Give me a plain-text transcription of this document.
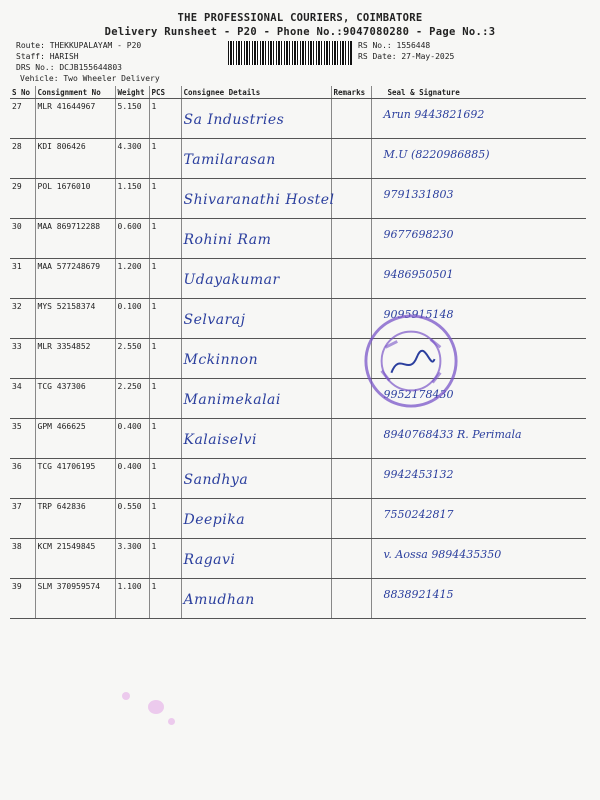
THE PROFESSIONAL COURIERS, COIMBATORE
Delivery Runsheet - P20 - Phone No.:9047080280 - Page No.:3
Route: THEKKUPALAYAM - P20
Staff: HARISH
DRS No.: DCJB155644803
Vehicle: Two Wheeler Delivery
RS No.: 1556448
RS Date: 27-May-2025
S No	Consignment No	Weight	PCS	Consignee Details	Remarks	Seal & Signature
27	MLR 41644967	5.150	1	Sa Industries		Arun 9443821692
28	KDI 806426	4.300	1	Tamilarasan		M.U (8220986885)
29	POL 1676010	1.150	1	Shivaranathi Hostel		9791331803
30	MAA 869712288	0.600	1	Rohini Ram		9677698230
31	MAA 577248679	1.200	1	Udayakumar		9486950501
32	MYS 52158374	0.100	1	Selvaraj		9095915148
33	MLR 3354852	2.550	1	Mckinnon		
34	TCG 437306	2.250	1	Manimekalai		9952178430
35	GPM 466625	0.400	1	Kalaiselvi		8940768433 R. Perimala
36	TCG 41706195	0.400	1	Sandhya		9942453132
37	TRP 642836	0.550	1	Deepika		7550242817
38	KCM 21549845	3.300	1	Ragavi		v. Aossa 9894435350
39	SLM 370959574	1.100	1	Amudhan		8838921415
